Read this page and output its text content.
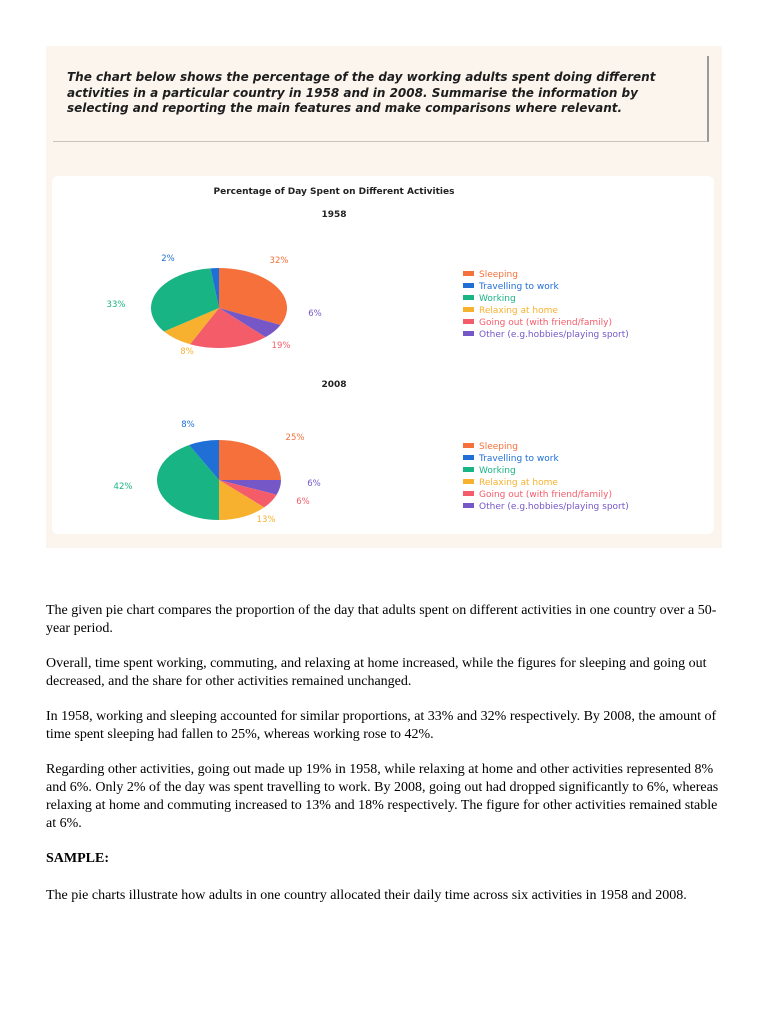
The chart below shows the percentage of the day working adults spent doing different activities in a particular country in 1958 and in 2008. Summarise the information by selecting and reporting the main features and make comparisons where relevant.
Percentage of Day Spent on Different Activities
1958
2008
32%
2%
33%
8%
19%
6%
25%
8%
42%
13%
6%
6%
Sleeping
Travelling to work
Working
Relaxing at home
Going out (with friend/family)
Other (e.g.hobbies/playing sport)
Sleeping
Travelling to work
Working
Relaxing at home
Going out (with friend/family)
Other (e.g.hobbies/playing sport)

The given pie chart compares the proportion of the day that adults spent on different activities in one country over a 50-year period.

Overall, time spent working, commuting, and relaxing at home increased, while the figures for sleeping and going out decreased, and the share for other activities remained unchanged.

In 1958, working and sleeping accounted for similar proportions, at 33% and 32% respectively. By 2008, the amount of time spent sleeping had fallen to 25%, whereas working rose to 42%.

Regarding other activities, going out made up 19% in 1958, while relaxing at home and other activities represented 8% and 6%. Only 2% of the day was spent travelling to work. By 2008, going out had dropped significantly to 6%, whereas relaxing at home and commuting increased to 13% and 18% respectively. The figure for other activities remained stable at 6%.

SAMPLE:

The pie charts illustrate how adults in one country allocated their daily time across six activities in 1958 and 2008.
